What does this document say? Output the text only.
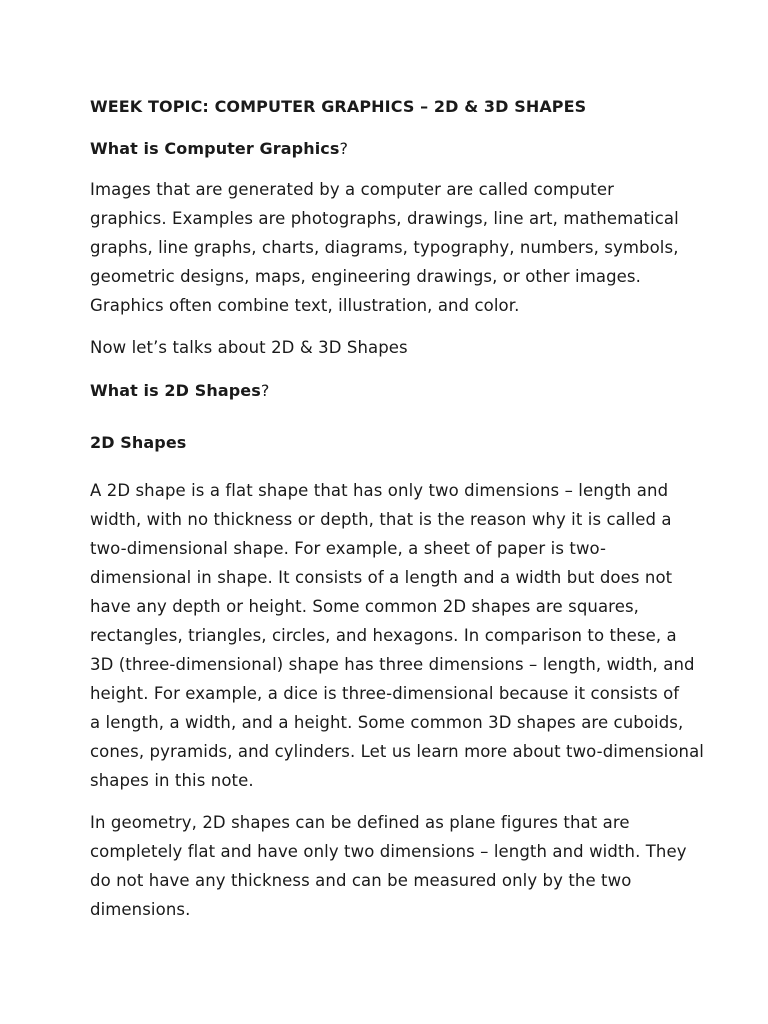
WEEK TOPIC: COMPUTER GRAPHICS – 2D & 3D SHAPES
What is Computer Graphics?
Images that are generated by a computer are called computer
graphics. Examples are photographs, drawings, line art, mathematical
graphs, line graphs, charts, diagrams, typography, numbers, symbols,
geometric designs, maps, engineering drawings, or other images.
Graphics often combine text, illustration, and color.
Now let’s talks about 2D & 3D Shapes
What is 2D Shapes?
2D Shapes
A 2D shape is a flat shape that has only two dimensions – length and
width, with no thickness or depth, that is the reason why it is called a
two-dimensional shape. For example, a sheet of paper is two-
dimensional in shape. It consists of a length and a width but does not
have any depth or height. Some common 2D shapes are squares,
rectangles, triangles, circles, and hexagons. In comparison to these, a
3D (three-dimensional) shape has three dimensions – length, width, and
height. For example, a dice is three-dimensional because it consists of
a length, a width, and a height. Some common 3D shapes are cuboids,
cones, pyramids, and cylinders. Let us learn more about two-dimensional
shapes in this note.
In geometry, 2D shapes can be defined as plane figures that are
completely flat and have only two dimensions – length and width. They
do not have any thickness and can be measured only by the two
dimensions.
